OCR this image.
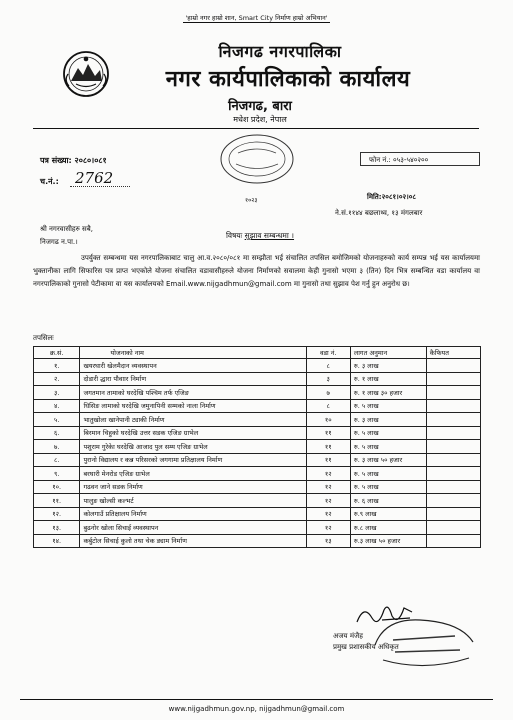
'हाम्रो नगर हाम्रो शान, Smart City निर्माण हाम्रो अभियान'
निजगढ नगरपालिका
नगर कार्यपालिकाको कार्यालय
निजगढ, बारा
मधेश प्रदेश, नेपाल
१०२३
पत्र संख्या: २०८०।०८१
च.नं.: 2762
फोन नं.: ०५३-५४०२००
मिति:२०८१।०२।०८
ने.सं.११४४ बछलाथ्व, १३ मंगलबार
श्री नगरवासीहरु सबै,
निजगढ न.पा.।
विषयः सुझाव सम्बन्धमा ।
उपर्युक्त सम्बन्धमा यस नगरपालिकाबाट चालु आ.व.२०८०/०८१ मा सम्झौता भई संचालित तपसिल बमोजिमको योजनाहरुको कार्य सम्पन्न भई यस कार्यालयमा भुक्तानीका लागि सिफारिस पत्र प्राप्त भएकोले योजना संचालित वडावासीहरुले योजना निर्माणको सवालमा केही गुनासो भएमा ३ (तिन) दिन भित्र सम्बन्धित वडा कार्यालय वा नगरपालिकाको गुनासो पेटीकामा वा यस कार्यालयको Email.www.nijgadhmun@gmail.com मा गुनासो तथा सुझाव पेश गर्नु हुन अनुरोध छ।
तपसिलः
क्र.सं.	योजनाको नाम	वडा नं.	लागत अनुमान	कैफियत
१.	खयरघारी खेलमैदान व्यवस्थापन	८	रु. ३ लाख	
२.	दोडारी द्धारा पौवाार निर्माण	३	रु. १ लाख	
३.	जगतमान तामाको घरदेखि पश्चिम तर्फ एजिङ	७	रु. १ लाख ३० हजार	
४.	धिसिङ लामाको घरदेखि जमुनापिनी सम्मको नाला निर्माण	८	रु. ५ लाख	
५.	भातुखोला खानेपानी ट्याकी निर्माण	१०	रु. ३ लाख	
६.	बिरमान चिहुको घरदेखि उत्तर सडक एजिङ ग्राभेल	११	रु. ५ लाख	
७.	पशुराम गुरेकेा घरदेखि आजाद पुल सम्म एजिङ ग्राभेल	११	रु. ५ लाख	
८.	पुरानो विद्यालय र कन्न परिसरको जगगामा प्रतिक्षालय निर्माण	११	रु. ३ लाख ५० हजार	
९.	बरघारी मेनरोड एजिङ ग्राभेल	१२	रु. ५ लाख	
१०.	गढवन जाने सडक निर्माण	१२	रु. ५ लाख	
११.	पालुङ खोल्सी कल्भर्ट	१२	रु. ६ लाख	
१२.	कोलगाउँ प्रतिक्षालय निर्माण	१२	रु.९ लाख	
१३.	बुढनोर खोला सिचाई व्यवस्थापन	१२	रु.८ लाख	
१४.	कर्बुटोल सिचाई कुलो तथा चेक ड्याम निर्माण	१३	रु.३ लाख ५० हजार	
अजय मंजैह
प्रमुख प्रशासकीय अधिकृत
www.nijgadhmun.gov.np, nijgadhmun@gmail.com
